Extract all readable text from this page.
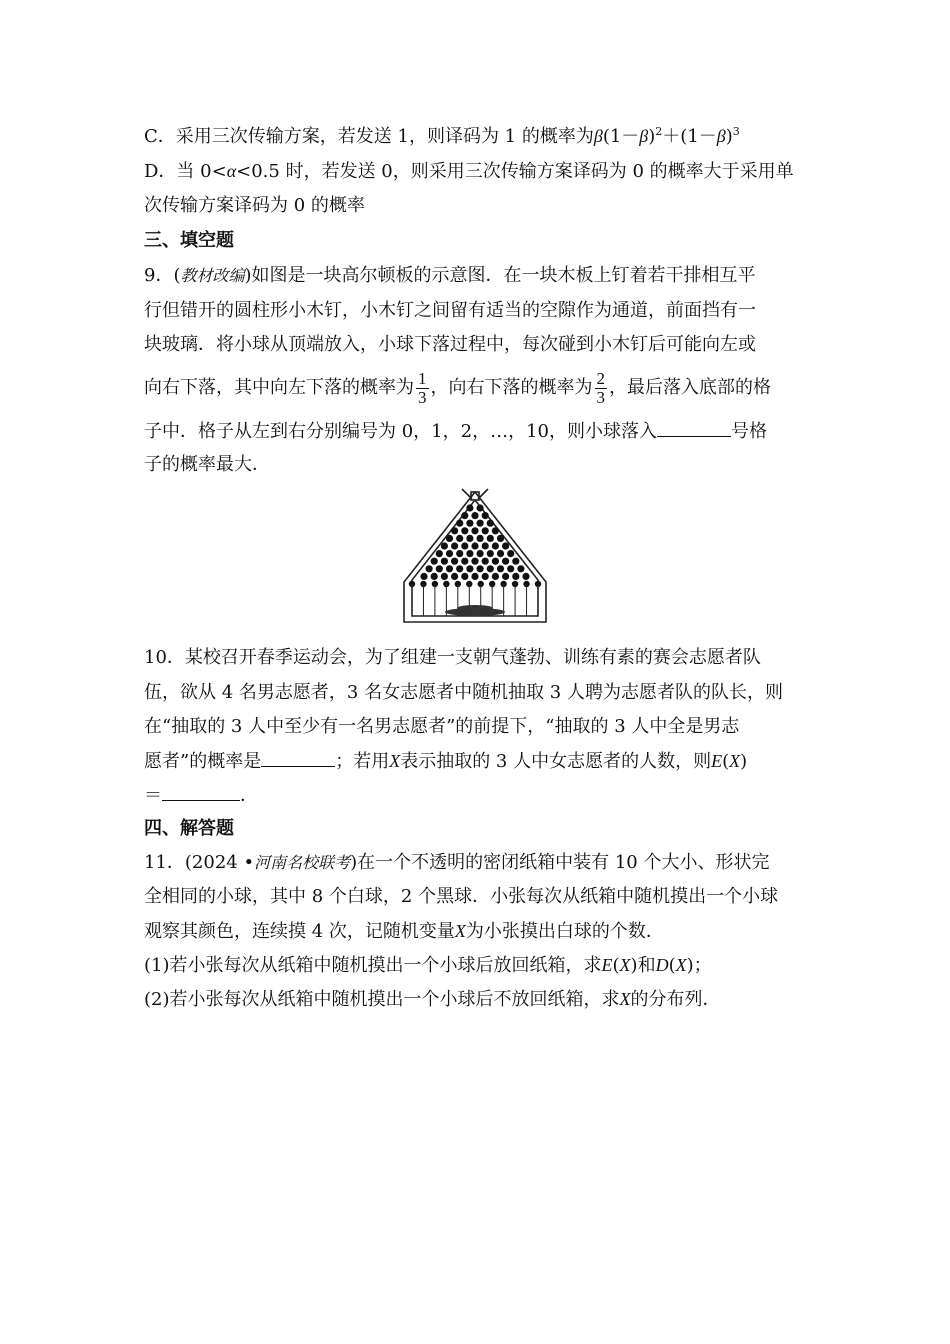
C．采用三次传输方案，若发送 1，则译码为 1 的概率为$\beta(1-\beta)^2+(1-\beta)^3$
D．当 0<α<0.5 时，若发送 0，则采用三次传输方案译码为 0 的概率大于采用单
次传输方案译码为 0 的概率
三、填空题
9．(教材改编)如图是一块高尔顿板的示意图．在一块木板上钉着若干排相互平
行但错开的圆柱形小木钉，小木钉之间留有适当的空隙作为通道，前面挡有一
块玻璃．将小球从顶端放入，小球下落过程中，每次碰到小木钉后可能向左或
向右下落，其中向左下落的概率为 $\frac{1}{3}$ ，向右下落的概率为 $\frac{2}{3}$ ，最后落入底部的格
子中．格子从左到右分别编号为 0，1，2，…，10，则小球落入	号格
子的概率最大．
10．某校召开春季运动会，为了组建一支朝气蓬勃、训练有素的赛会志愿者队
伍，欲从 4 名男志愿者，3 名女志愿者中随机抽取 3 人聘为志愿者队的队长，则
在“抽取的 3 人中至少有一名男志愿者”的前提下，“抽取的 3 人中全是男志
愿者”的概率是	；若用X表示抽取的 3 人中女志愿者的人数，则E(X)
＝	．
四、解答题
11．(2024 •河南名校联考)在一个不透明的密闭纸箱中装有 10 个大小、形状完
全相同的小球，其中 8 个白球，2 个黑球．小张每次从纸箱中随机摸出一个小球
观察其颜色，连续摸 4 次，记随机变量X为小张摸出白球的个数．
(1)若小张每次从纸箱中随机摸出一个小球后放回纸箱，求E(X)和D(X)；
(2)若小张每次从纸箱中随机摸出一个小球后不放回纸箱，求X的分布列．
